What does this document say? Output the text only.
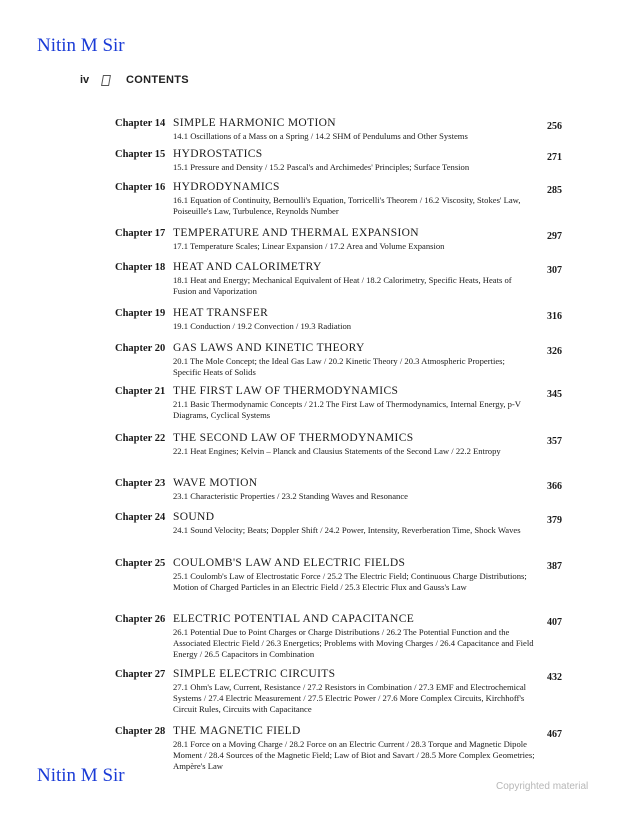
Nitin M Sir
iv	CONTENTS
Chapter 14 SIMPLE HARMONIC MOTION	256
14.1 Oscillations of a Mass on a Spring / 14.2 SHM of Pendulums and Other Systems
Chapter 15 HYDROSTATICS	271
15.1 Pressure and Density / 15.2 Pascal's and Archimedes' Principles; Surface Tension
Chapter 16 HYDRODYNAMICS	285
16.1 Equation of Continuity, Bernoulli's Equation, Torricelli's Theorem / 16.2 Viscosity, Stokes' Law, Poiseuille's Law, Turbulence, Reynolds Number
Chapter 17 TEMPERATURE AND THERMAL EXPANSION	297
17.1 Temperature Scales; Linear Expansion / 17.2 Area and Volume Expansion
Chapter 18 HEAT AND CALORIMETRY	307
18.1 Heat and Energy; Mechanical Equivalent of Heat / 18.2 Calorimetry, Specific Heats, Heats of Fusion and Vaporization
Chapter 19 HEAT TRANSFER	316
19.1 Conduction / 19.2 Convection / 19.3 Radiation
Chapter 20 GAS LAWS AND KINETIC THEORY	326
20.1 The Mole Concept; the Ideal Gas Law / 20.2 Kinetic Theory / 20.3 Atmospheric Properties; Specific Heats of Solids
Chapter 21 THE FIRST LAW OF THERMODYNAMICS	345
21.1 Basic Thermodynamic Concepts / 21.2 The First Law of Thermodynamics, Internal Energy, p-V Diagrams, Cyclical Systems
Chapter 22 THE SECOND LAW OF THERMODYNAMICS	357
22.1 Heat Engines; Kelvin – Planck and Clausius Statements of the Second Law / 22.2 Entropy
Chapter 23 WAVE MOTION	366
23.1 Characteristic Properties / 23.2 Standing Waves and Resonance
Chapter 24 SOUND	379
24.1 Sound Velocity; Beats; Doppler Shift / 24.2 Power, Intensity, Reverberation Time, Shock Waves
Chapter 25 COULOMB'S LAW AND ELECTRIC FIELDS	387
25.1 Coulomb's Law of Electrostatic Force / 25.2 The Electric Field; Continuous Charge Distributions; Motion of Charged Particles in an Electric Field / 25.3 Electric Flux and Gauss's Law
Chapter 26 ELECTRIC POTENTIAL AND CAPACITANCE	407
26.1 Potential Due to Point Charges or Charge Distributions / 26.2 The Potential Function and the Associated Electric Field / 26.3 Energetics; Problems with Moving Charges / 26.4 Capacitance and Field Energy / 26.5 Capacitors in Combination
Chapter 27 SIMPLE ELECTRIC CIRCUITS	432
27.1 Ohm's Law, Current, Resistance / 27.2 Resistors in Combination / 27.3 EMF and Electrochemical Systems / 27.4 Electric Measurement / 27.5 Electric Power / 27.6 More Complex Circuits, Kirchhoff's Circuit Rules, Circuits with Capacitance
Chapter 28 THE MAGNETIC FIELD	467
28.1 Force on a Moving Charge / 28.2 Force on an Electric Current / 28.3 Torque and Magnetic Dipole Moment / 28.4 Sources of the Magnetic Field; Law of Biot and Savart / 28.5 More Complex Geometries; Ampère's Law
Nitin M Sir
Copyrighted material
